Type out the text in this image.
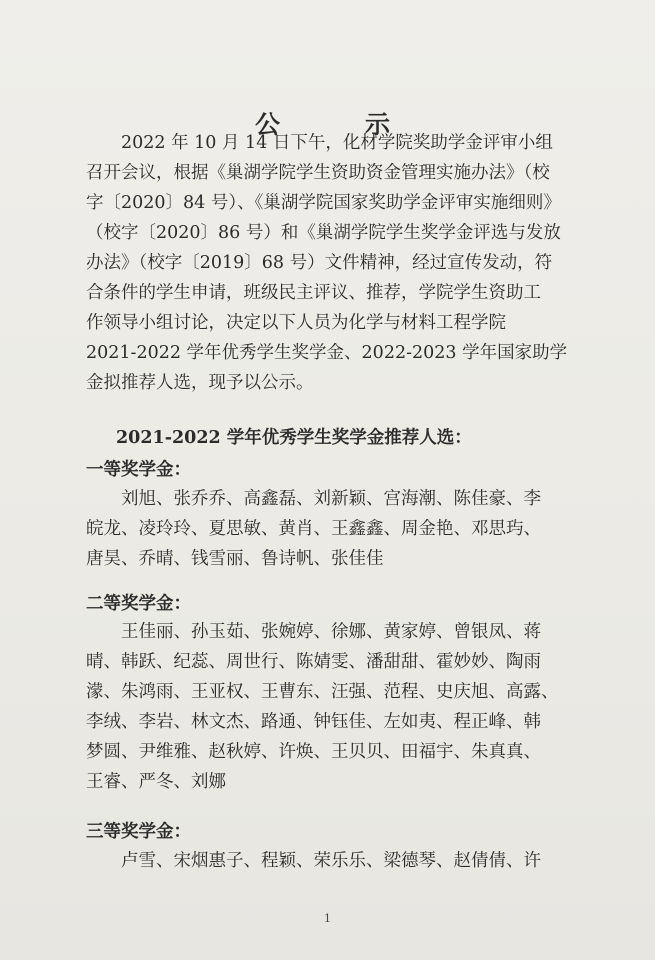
公　示
　　2022 年 10 月 14 日下午，化材学院奖助学金评审小组
召开会议，根据《巢湖学院学生资助资金管理实施办法》（校
字〔2020〕84 号）、《巢湖学院国家奖助学金评审实施细则》
（校字〔2020〕86 号）和《巢湖学院学生奖学金评选与发放
办法》（校字〔2019〕68 号）文件精神，经过宣传发动，符
合条件的学生申请，班级民主评议、推荐，学院学生资助工
作领导小组讨论，决定以下人员为化学与材料工程学院
2021-2022 学年优秀学生奖学金、2022-2023 学年国家助学
金拟推荐人选，现予以公示。

2021-2022 学年优秀学生奖学金推荐人选：

一等奖学金：

　　刘旭、张乔乔、高鑫磊、刘新颖、宫海潮、陈佳豪、李
皖龙、凌玲玲、夏思敏、黄肖、王鑫鑫、周金艳、邓思玙、
唐昊、乔晴、钱雪丽、鲁诗帆、张佳佳

二等奖学金：

　　王佳丽、孙玉茹、张婉婷、徐娜、黄家婷、曾银凤、蒋
晴、韩跃、纪蕊、周世行、陈婧雯、潘甜甜、霍妙妙、陶雨
濛、朱鸿雨、王亚权、王曹东、汪强、范程、史庆旭、高露、
李绒、李岩、林文杰、路通、钟钰佳、左如夷、程正峰、韩
梦圆、尹维雅、赵秋婷、许焕、王贝贝、田福宇、朱真真、
王睿、严冬、刘娜

三等奖学金：

　　卢雪、宋烟惠子、程颖、荣乐乐、梁德琴、赵倩倩、许
1
